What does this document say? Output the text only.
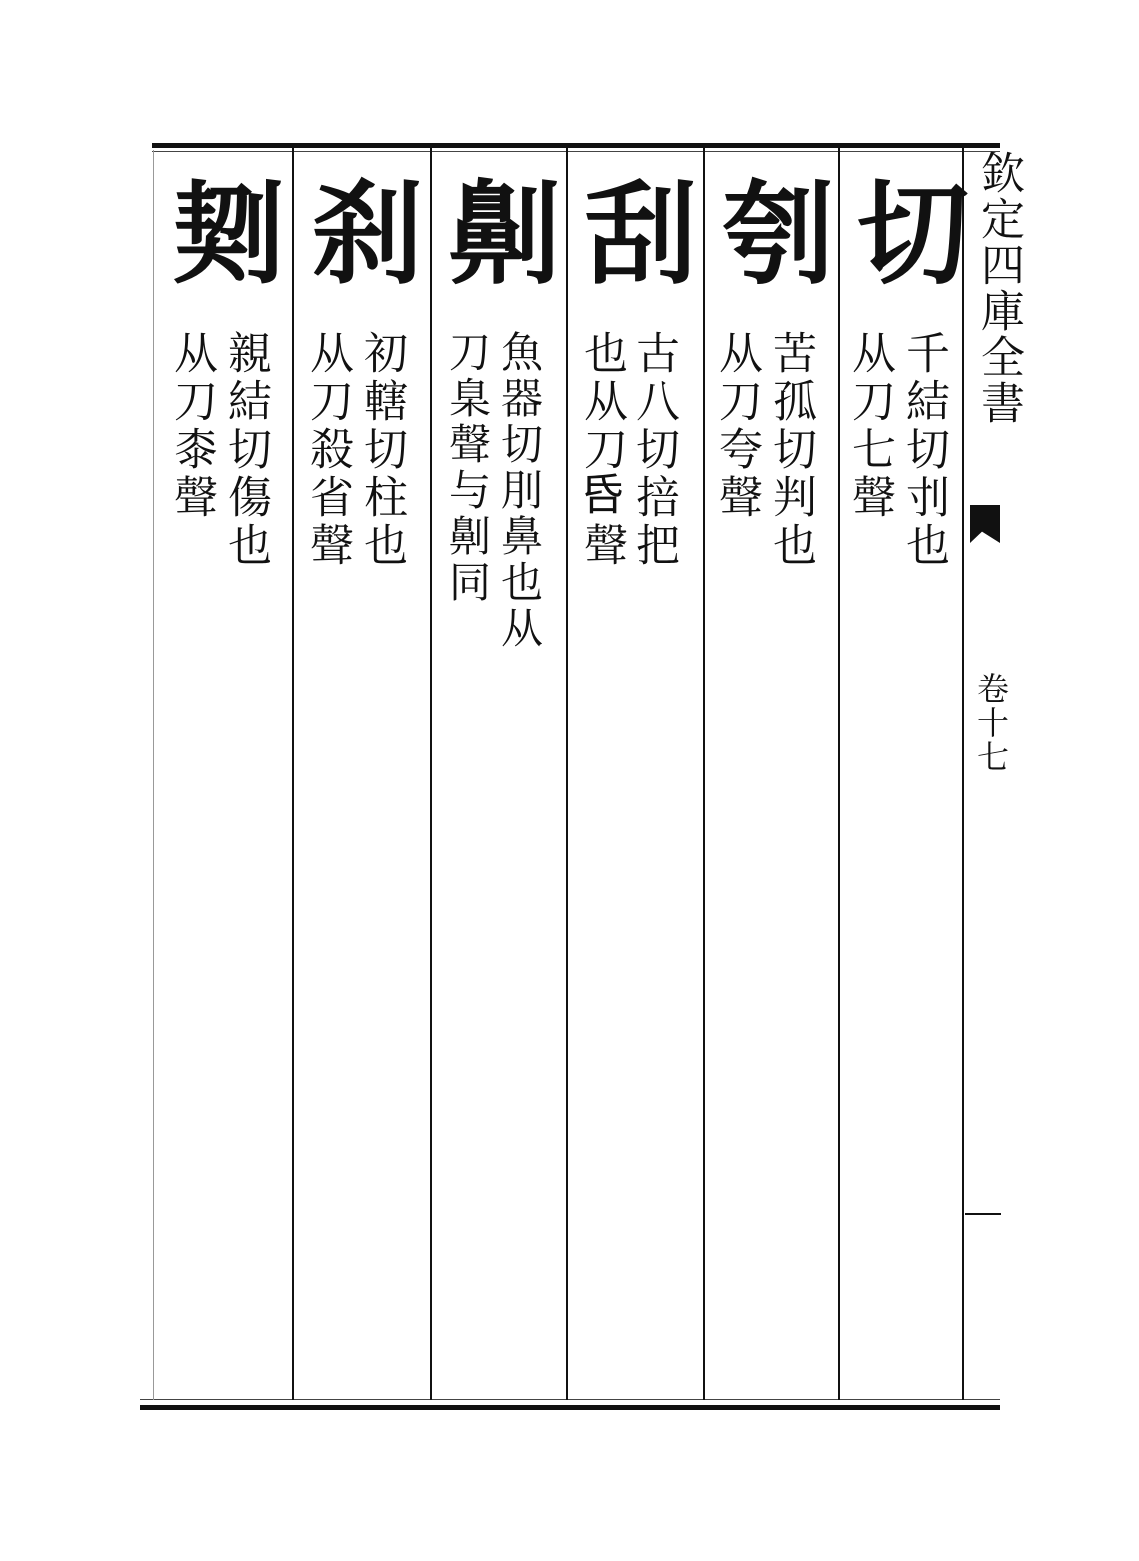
欽定四庫全書
卷十七
切
千結切刌也
从刀七聲
刳
苦孤切判也
从刀夸聲
刮
古八切掊把
也从刀𠯑聲
劓
魚器切刖鼻也从
刀臬聲与劓同
刹
初轄切柱也
从刀殺省聲
㓶
親結切傷也
从刀桼聲
